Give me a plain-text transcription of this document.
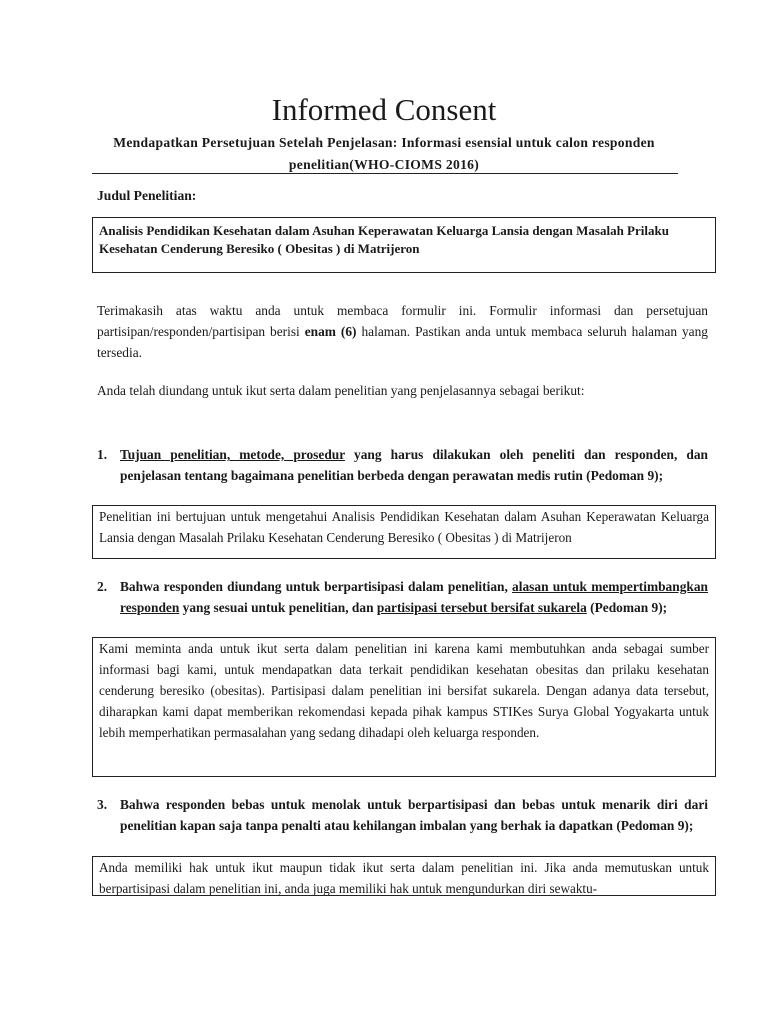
Informed Consent
Mendapatkan Persetujuan Setelah Penjelasan: Informasi esensial untuk calon responden penelitian(WHO-CIOMS 2016)
Judul Penelitian:
Analisis Pendidikan Kesehatan dalam Asuhan Keperawatan Keluarga Lansia dengan Masalah Prilaku Kesehatan Cenderung Beresiko ( Obesitas ) di Matrijeron
Terimakasih atas waktu anda untuk membaca formulir ini. Formulir informasi dan persetujuan partisipan/responden/partisipan berisi enam (6) halaman. Pastikan anda untuk membaca seluruh halaman yang tersedia.
Anda telah diundang untuk ikut serta dalam penelitian yang penjelasannya sebagai berikut:
1. Tujuan penelitian, metode, prosedur yang harus dilakukan oleh peneliti dan responden, dan penjelasan tentang bagaimana penelitian berbeda dengan perawatan medis rutin (Pedoman 9);
Penelitian ini bertujuan untuk mengetahui Analisis Pendidikan Kesehatan dalam Asuhan Keperawatan Keluarga Lansia dengan Masalah Prilaku Kesehatan Cenderung Beresiko ( Obesitas ) di Matrijeron
2. Bahwa responden diundang untuk berpartisipasi dalam penelitian, alasan untuk mempertimbangkan responden yang sesuai untuk penelitian, dan partisipasi tersebut bersifat sukarela (Pedoman 9);
Kami meminta anda untuk ikut serta dalam penelitian ini karena kami membutuhkan anda sebagai sumber informasi bagi kami, untuk mendapatkan data terkait pendidikan kesehatan obesitas dan prilaku kesehatan cenderung beresiko (obesitas). Partisipasi dalam penelitian ini bersifat sukarela. Dengan adanya data tersebut, diharapkan kami dapat memberikan rekomendasi kepada pihak kampus STIKes Surya Global Yogyakarta untuk lebih memperhatikan permasalahan yang sedang dihadapi oleh keluarga responden.
3. Bahwa responden bebas untuk menolak untuk berpartisipasi dan bebas untuk menarik diri dari penelitian kapan saja tanpa penalti atau kehilangan imbalan yang berhak ia dapatkan (Pedoman 9);
Anda memiliki hak untuk ikut maupun tidak ikut serta dalam penelitian ini. Jika anda memutuskan untuk berpartisipasi dalam penelitian ini, anda juga memiliki hak untuk mengundurkan diri sewaktu-
